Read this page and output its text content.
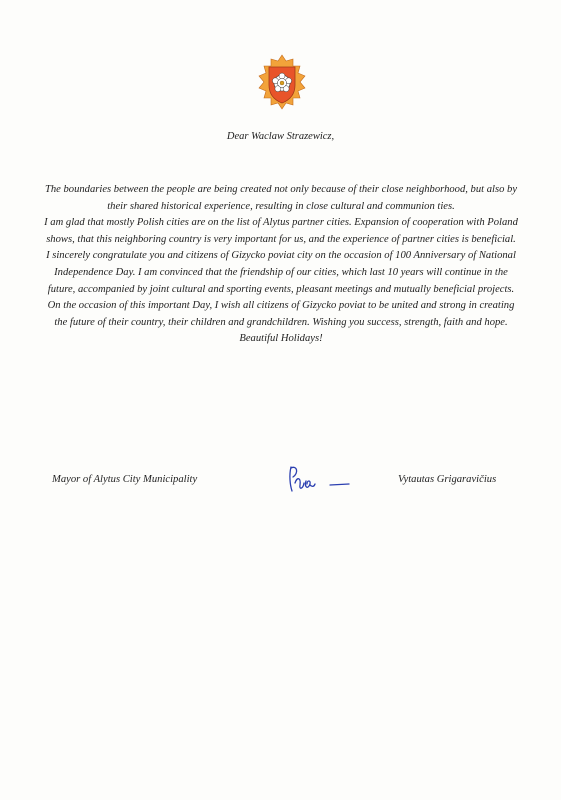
Dear Waclaw Strazewicz,

The boundaries between the people are being created not only because of their close neighborhood, but also by their shared historical experience, resulting in close cultural and communion ties.

I am glad that mostly Polish cities are on the list of Alytus partner cities. Expansion of cooperation with Poland shows, that this neighboring country is very important for us, and the experience of partner cities is beneficial.

I sincerely congratulate you and citizens of Gizycko poviat city on the occasion of 100 Anniversary of National Independence Day. I am convinced that the friendship of our cities, which last 10 years will continue in the future, accompanied by joint cultural and sporting events, pleasant meetings and mutually beneficial projects.

On the occasion of this important Day, I wish all citizens of Gizycko poviat to be united and strong in creating the future of their country, their children and grandchildren. Wishing you success, strength, faith and hope. Beautiful Holidays!

Mayor of Alytus City Municipality	Vytautas Grigaravičius
